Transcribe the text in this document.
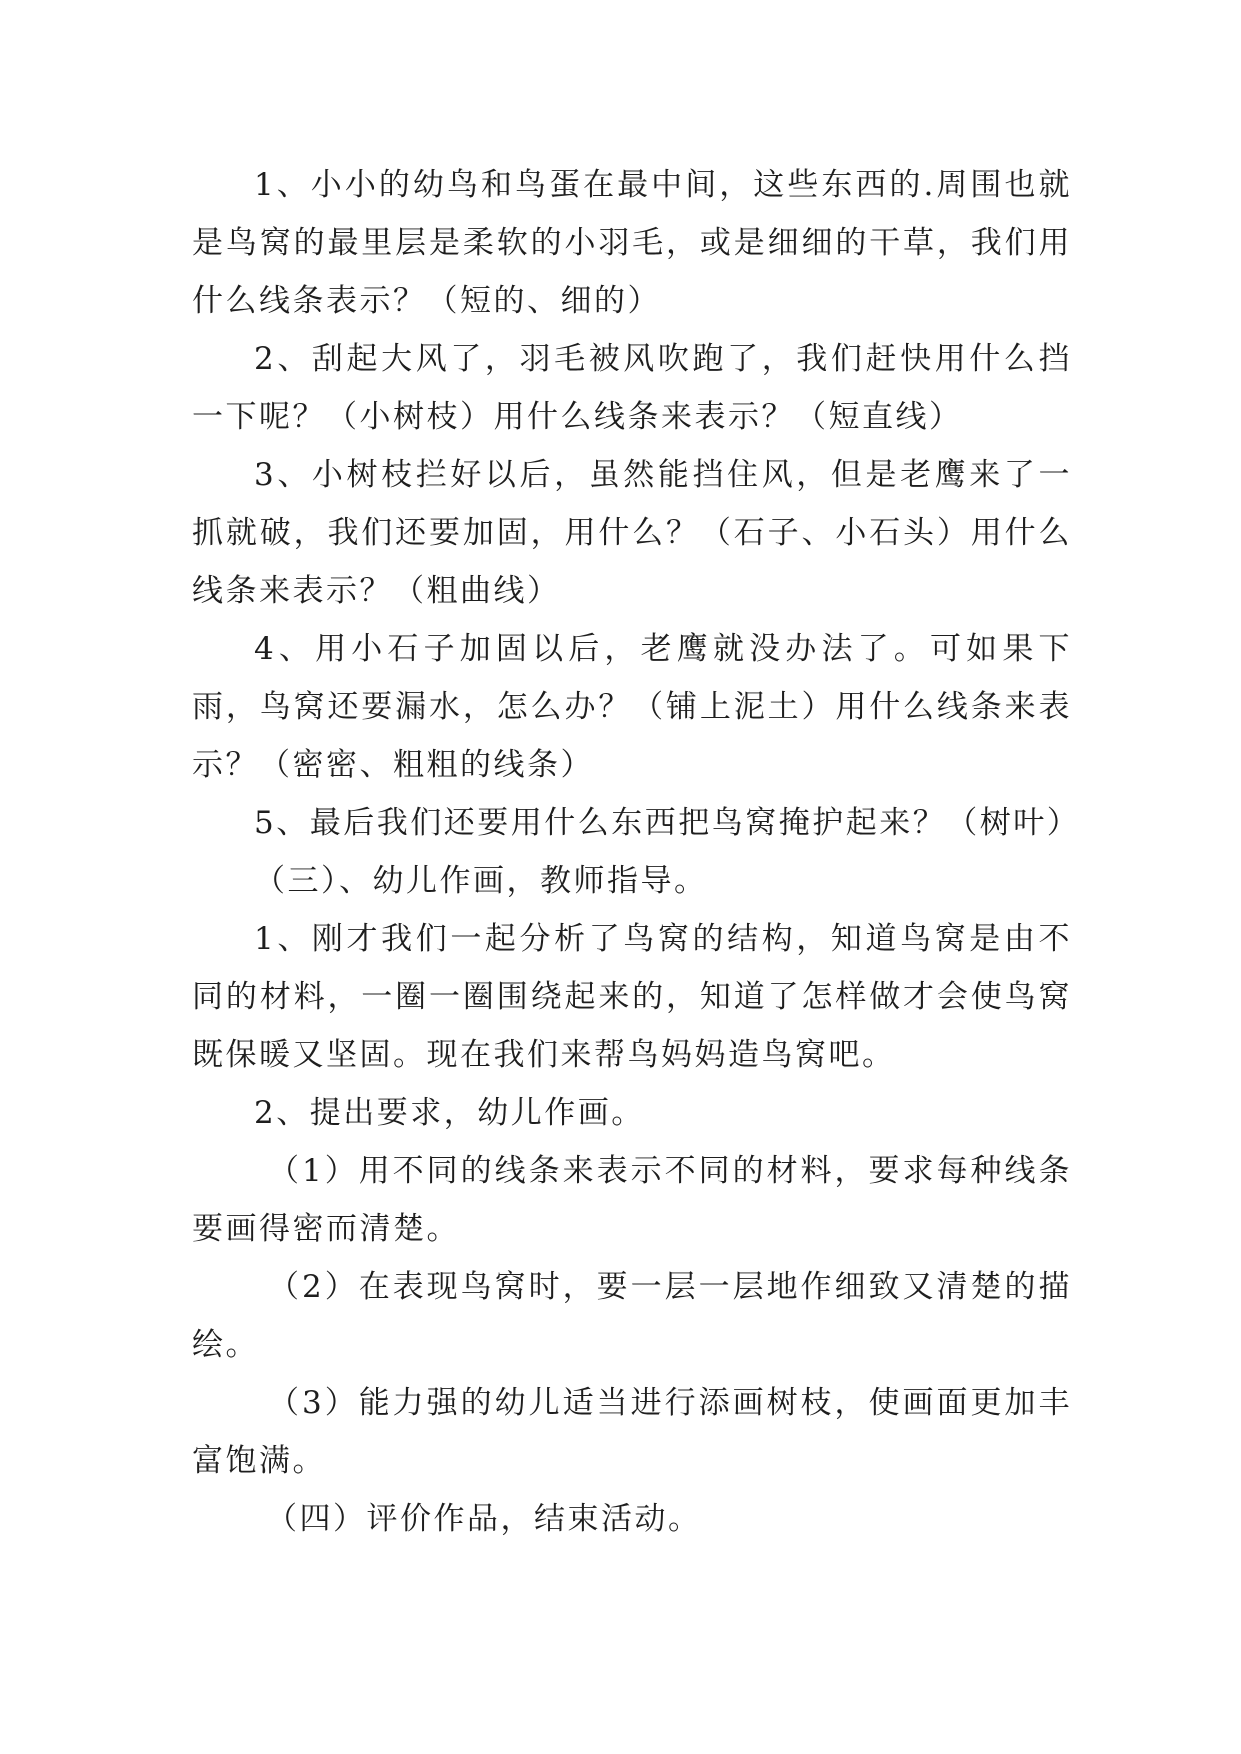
1、小小的幼鸟和鸟蛋在最中间，这些东西的.周围也就是鸟窝的最里层是柔软的小羽毛，或是细细的干草，我们用什么线条表示？（短的、细的）

2、刮起大风了，羽毛被风吹跑了，我们赶快用什么挡一下呢？（小树枝）用什么线条来表示？（短直线）

3、小树枝拦好以后，虽然能挡住风，但是老鹰来了一抓就破，我们还要加固，用什么？（石子、小石头）用什么线条来表示？（粗曲线）

4、用小石子加固以后，老鹰就没办法了。可如果下雨，鸟窝还要漏水，怎么办？（铺上泥土）用什么线条来表示？（密密、粗粗的线条）

5、最后我们还要用什么东西把鸟窝掩护起来？（树叶）

（三）、幼儿作画，教师指导。

1、刚才我们一起分析了鸟窝的结构，知道鸟窝是由不同的材料，一圈一圈围绕起来的，知道了怎样做才会使鸟窝既保暖又坚固。现在我们来帮鸟妈妈造鸟窝吧。

2、提出要求，幼儿作画。

（1）用不同的线条来表示不同的材料，要求每种线条要画得密而清楚。

（2）在表现鸟窝时，要一层一层地作细致又清楚的描绘。

（3）能力强的幼儿适当进行添画树枝，使画面更加丰富饱满。

（四）评价作品，结束活动。
